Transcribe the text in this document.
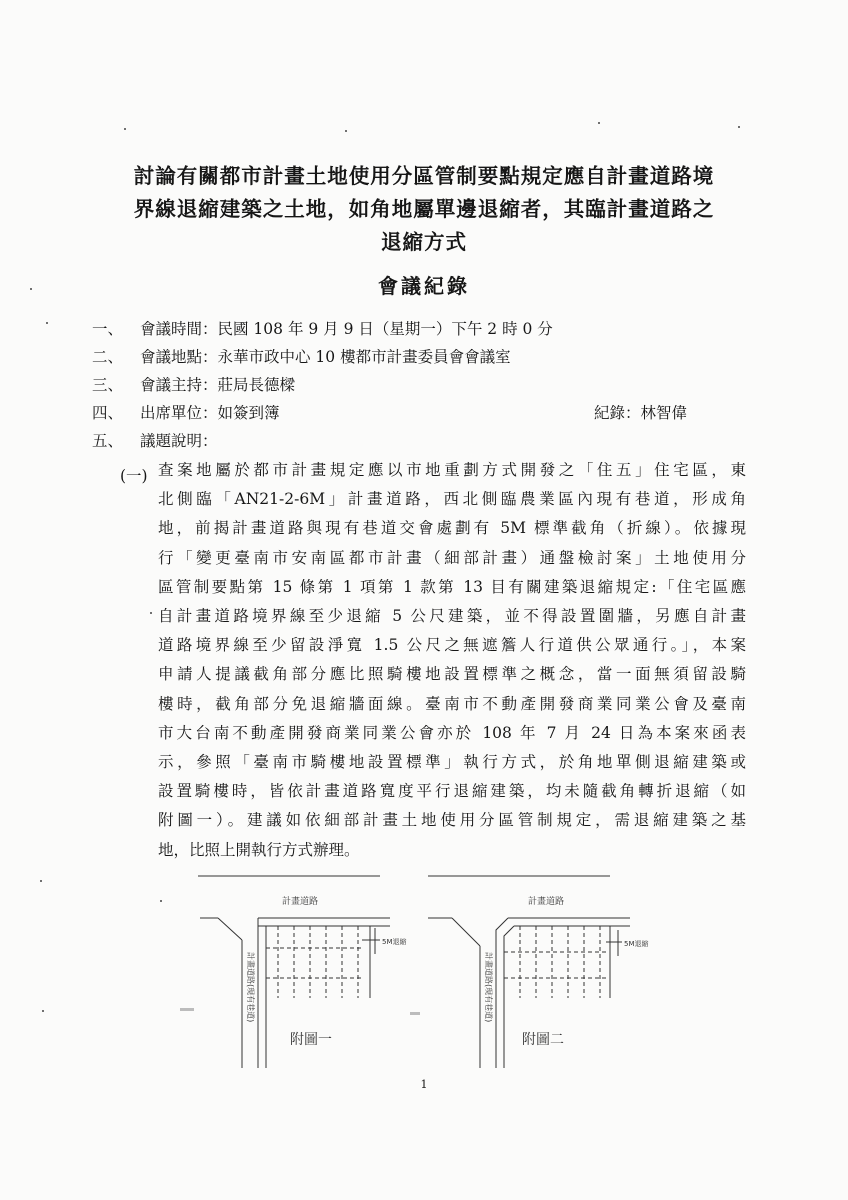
討論有關都市計畫土地使用分區管制要點規定應自計畫道路境
界線退縮建築之土地，如角地屬單邊退縮者，其臨計畫道路之
退縮方式
會議紀錄
一、	會議時間：民國 108 年 9 月 9 日（星期一）下午 2 時 0 分
二、	會議地點：永華市政中心 10 樓都市計畫委員會會議室
三、	會議主持：莊局長德樑
四、	出席單位：如簽到簿	紀錄：林智偉
五、	議題說明：
(一) 查案地屬於都市計畫規定應以市地重劃方式開發之「住五」住宅區，東
北側臨「AN21-2-6M」計畫道路，西北側臨農業區內現有巷道，形成角
地，前揭計畫道路與現有巷道交會處劃有 5M 標準截角（折線）。依據現
行「變更臺南市安南區都市計畫（細部計畫）通盤檢討案」土地使用分
區管制要點第 15 條第 1 項第 1 款第 13 目有關建築退縮規定:「住宅區應
自計畫道路境界線至少退縮 5 公尺建築，並不得設置圍牆，另應自計畫
道路境界線至少留設淨寬 1.5 公尺之無遮簷人行道供公眾通行。」，本案
申請人提議截角部分應比照騎樓地設置標準之概念，當一面無須留設騎
樓時，截角部分免退縮牆面線。臺南市不動產開發商業同業公會及臺南
市大台南不動產開發商業同業公會亦於 108 年 7 月 24 日為本案來函表
示，參照「臺南市騎樓地設置標準」執行方式，於角地單側退縮建築或
設置騎樓時，皆依計畫道路寬度平行退縮建築，均未隨截角轉折退縮（如
附圖一）。建議如依細部計畫土地使用分區管制規定，需退縮建築之基
地，比照上開執行方式辦理。
計畫道路
5M退縮
計畫道路(現有巷道)
附圖一
計畫道路
5M退縮
計畫道路(現有巷道)
附圖二
1
